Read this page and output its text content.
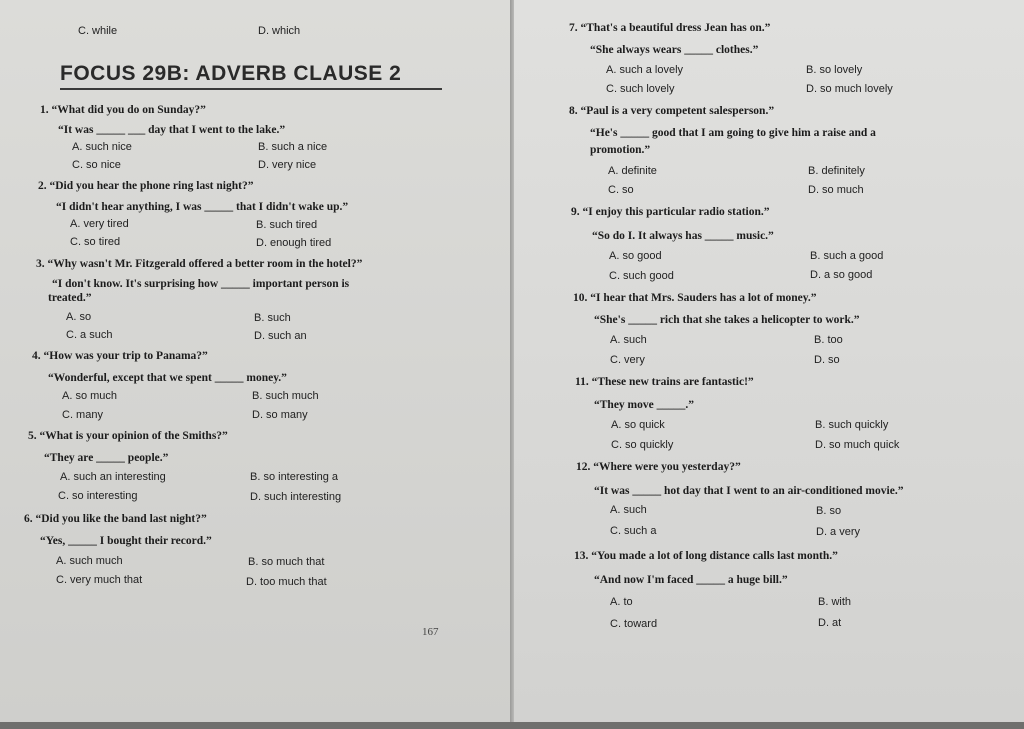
C. while	D. which
FOCUS 29B: ADVERB CLAUSE 2
1. “What did you do on Sunday?”
“It was _____ ___ day that I went to the lake.”
A. such nice	B. such a nice
C. so nice	D. very nice
2. “Did you hear the phone ring last night?”
“I didn't hear anything, I was _____ that I didn't wake up.”
A. very tired	B. such tired
C. so tired	D. enough tired
3. “Why wasn't Mr. Fitzgerald offered a better room in the hotel?”
“I don't know. It's surprising how _____ important person is
treated.”
A. so	B. such
C. a such	D. such an
4. “How was your trip to Panama?”
“Wonderful, except that we spent _____ money.”
A. so much	B. such much
C. many	D. so many
5. “What is your opinion of the Smiths?”
“They are _____ people.”
A. such an interesting	B. so interesting a
C. so interesting	D. such interesting
6. “Did you like the band last night?”
“Yes, _____ I bought their record.”
A. such much	B. so much that
C. very much that	D. too much that
167
7. “That's a beautiful dress Jean has on.”
“She always wears _____ clothes.”
A. such a lovely	B. so lovely
C. such lovely	D. so much lovely
8. “Paul is a very competent salesperson.”
“He's _____ good that I am going to give him a raise and a
promotion.”
A. definite	B. definitely
C. so	D. so much
9. “I enjoy this particular radio station.”
“So do I. It always has _____ music.”
A. so good	B. such a good
C. such good	D. a so good
10. “I hear that Mrs. Sauders has a lot of money.”
“She's _____ rich that she takes a helicopter to work.”
A. such	B. too
C. very	D. so
11. “These new trains are fantastic!”
“They move _____.”
A. so quick	B. such quickly
C. so quickly	D. so much quick
12. “Where were you yesterday?”
“It was _____ hot day that I went to an air-conditioned movie.”
A. such	B. so
C. such a	D. a very
13. “You made a lot of long distance calls last month.”
“And now I'm faced _____ a huge bill.”
A. to	B. with
C. toward	D. at
